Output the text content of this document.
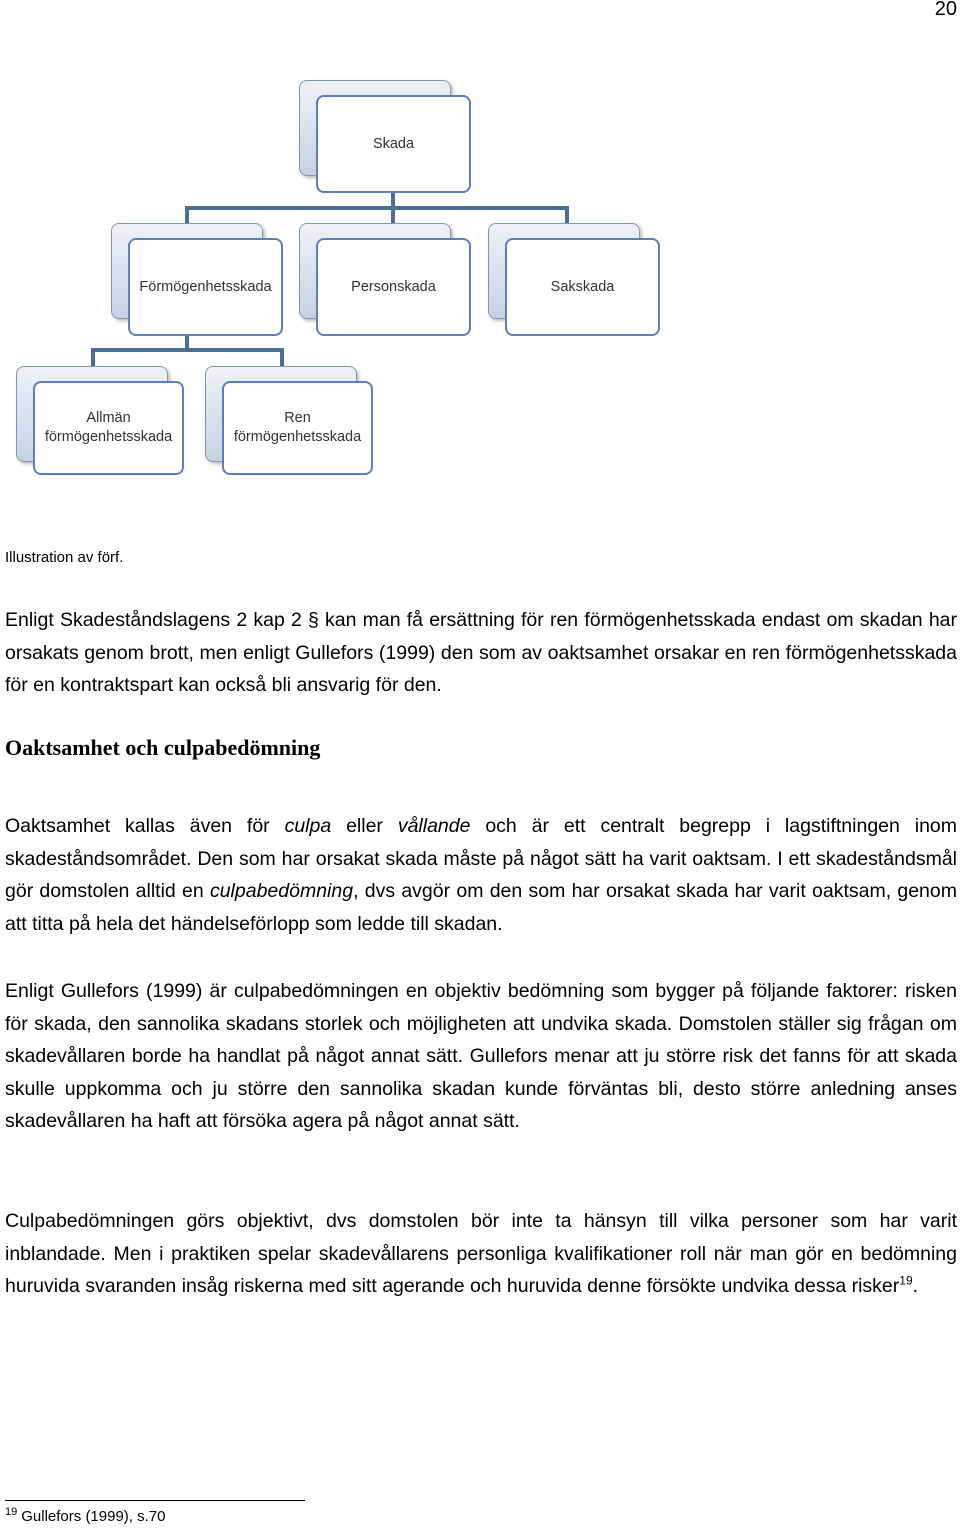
20
Skada
Förmögenhetsskada	Personskada	Sakskada
Allmän förmögenhetsskada
Ren förmögenhetsskada
Illustration av förf.

Enligt Skadeståndslagens 2 kap 2 § kan man få ersättning för ren förmögenhetsskada endast om skadan har orsakats genom brott, men enligt Gullefors (1999) den som av oaktsamhet orsakar en ren förmögenhetsskada för en kontraktspart kan också bli ansvarig för den.

Oaktsamhet och culpabedömning

Oaktsamhet kallas även för culpa eller vållande och är ett centralt begrepp i lagstiftningen inom skadeståndsområdet. Den som har orsakat skada måste på något sätt ha varit oaktsam. I ett skadeståndsmål gör domstolen alltid en culpabedömning, dvs avgör om den som har orsakat skada har varit oaktsam, genom att titta på hela det händelseförlopp som ledde till skadan.

Enligt Gullefors (1999) är culpabedömningen en objektiv bedömning som bygger på följande faktorer: risken för skada, den sannolika skadans storlek och möjligheten att undvika skada. Domstolen ställer sig frågan om skadevållaren borde ha handlat på något annat sätt. Gullefors menar att ju större risk det fanns för att skada skulle uppkomma och ju större den sannolika skadan kunde förväntas bli, desto större anledning anses skadevållaren ha haft att försöka agera på något annat sätt.

Culpabedömningen görs objektivt, dvs domstolen bör inte ta hänsyn till vilka personer som har varit inblandade. Men i praktiken spelar skadevållarens personliga kvalifikationer roll när man gör en bedömning huruvida svaranden insåg riskerna med sitt agerande och huruvida denne försökte undvika dessa risker$^{19}$.

$^{19}$ Gullefors (1999), s.70
